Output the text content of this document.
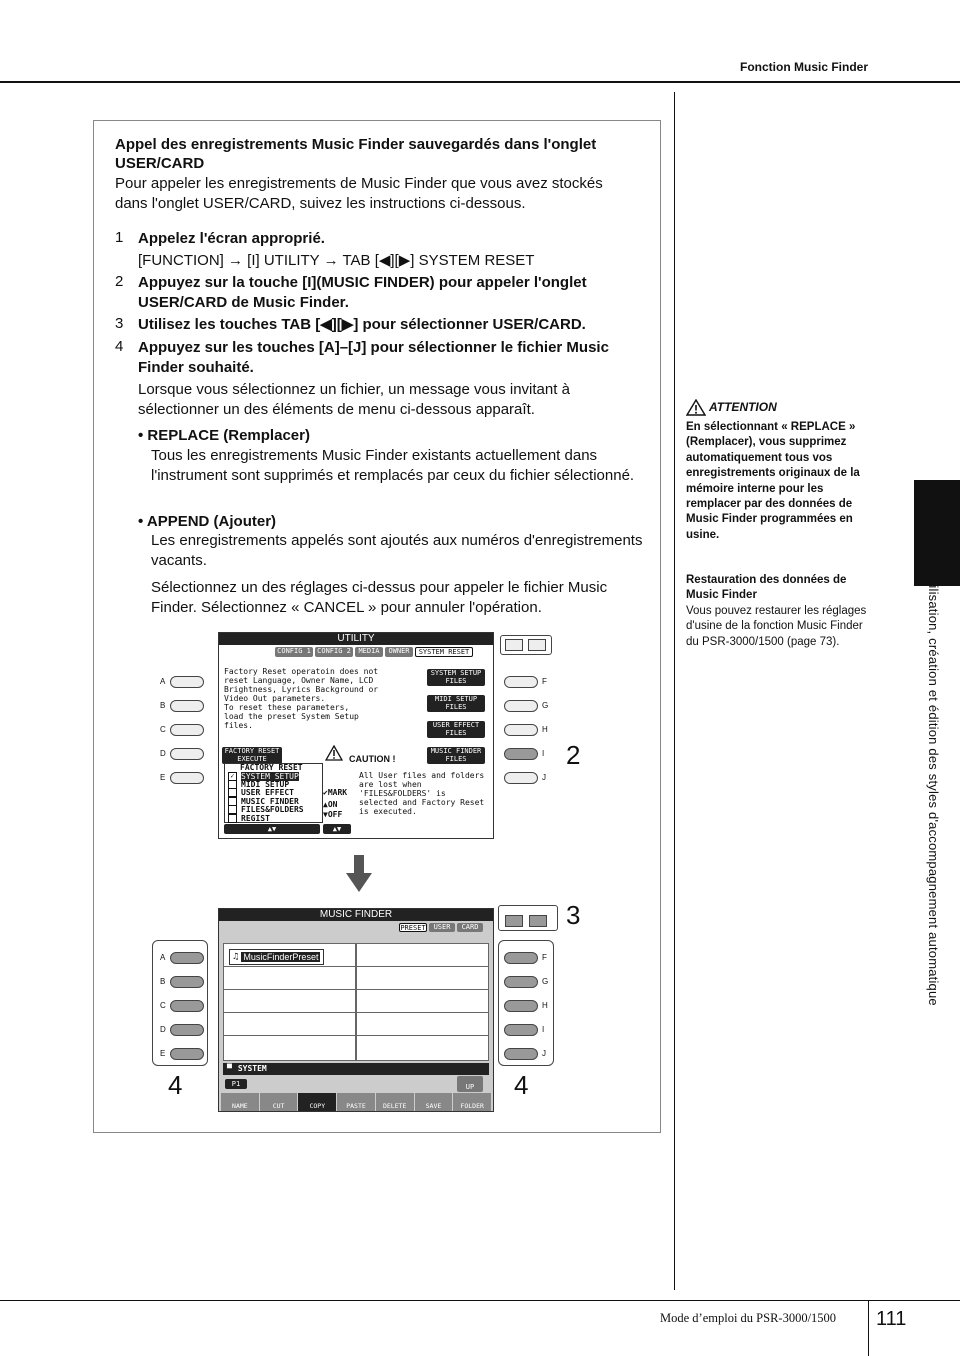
Fonction Music Finder
Appel des enregistrements Music Finder sauvegardés dans l'onglet USER/CARD
Pour appeler les enregistrements de Music Finder que vous avez stockés dans l'onglet USER/CARD, suivez les instructions ci-dessous.
1 Appelez l'écran approprié.
[FUNCTION] → [I] UTILITY → TAB [◀][▶] SYSTEM RESET
2 Appuyez sur la touche [I](MUSIC FINDER) pour appeler l'onglet USER/CARD de Music Finder.
3 Utilisez les touches TAB [◀][▶] pour sélectionner USER/CARD.
4 Appuyez sur les touches [A]–[J] pour sélectionner le fichier Music Finder souhaité.
Lorsque vous sélectionnez un fichier, un message vous invitant à sélectionner un des éléments de menu ci-dessous apparaît.
• REPLACE (Remplacer)
Tous les enregistrements Music Finder existants actuellement dans l'instrument sont supprimés et remplacés par ceux du fichier sélectionné.
• APPEND (Ajouter)
Les enregistrements appelés sont ajoutés aux numéros d'enregistrements vacants.
Sélectionnez un des réglages ci-dessus pour appeler le fichier Music Finder. Sélectionnez « CANCEL » pour annuler l'opération.
UTILITY
CONFIG 1 CONFIG 2	MEDIA	OWNER	SYSTEM RESET
Factory Reset operatoin does not
reset Language, Owner Name, LCD
Brightness, Lyrics Background or
Video Out parameters.
To reset these parameters,
load the preset System Setup
files.
SYSTEM SETUP
FILES
MIDI SETUP
FILES
USER EFFECT
FILES
MUSIC FINDER
FILES
FACTORY RESET
EXECUTE	CAUTION !
All User files and folders
are lost when
'FILES&FOLDERS' is
selected and Factory Reset
is executed.
FACTORY RESET
✓ SYSTEM SETUP
MIDI SETUP
USER EFFECT
MUSIC FINDER
FILES&FOLDERS
REGIST
✔MARK
▲ON
▼OFF
▲▼	▲▼
A
B
C
D
E
F
G
H
I
J
2
3
MUSIC FINDER
PRESET	USER	CARD
♫ MusicFinderPreset
▀ SYSTEM
P1	UP
NAME	CUT	COPY	PASTE	DELETE	SAVE	FOLDER
A
B
C
D
E
F
G
H
I
J
4	4
ATTENTION
En sélectionnant « REPLACE » (Remplacer), vous supprimez automatiquement tous vos enregistrements originaux de la mémoire interne pour les remplacer par des données de Music Finder programmées en usine.
Restauration des données de Music Finder
Vous pouvez restaurer les réglages d'usine de la fonction Music Finder du PSR-3000/1500 (page 73).	Utilisation, création et édition des styles d'accompagnement automatique
Mode d’emploi du PSR-3000/1500 111
